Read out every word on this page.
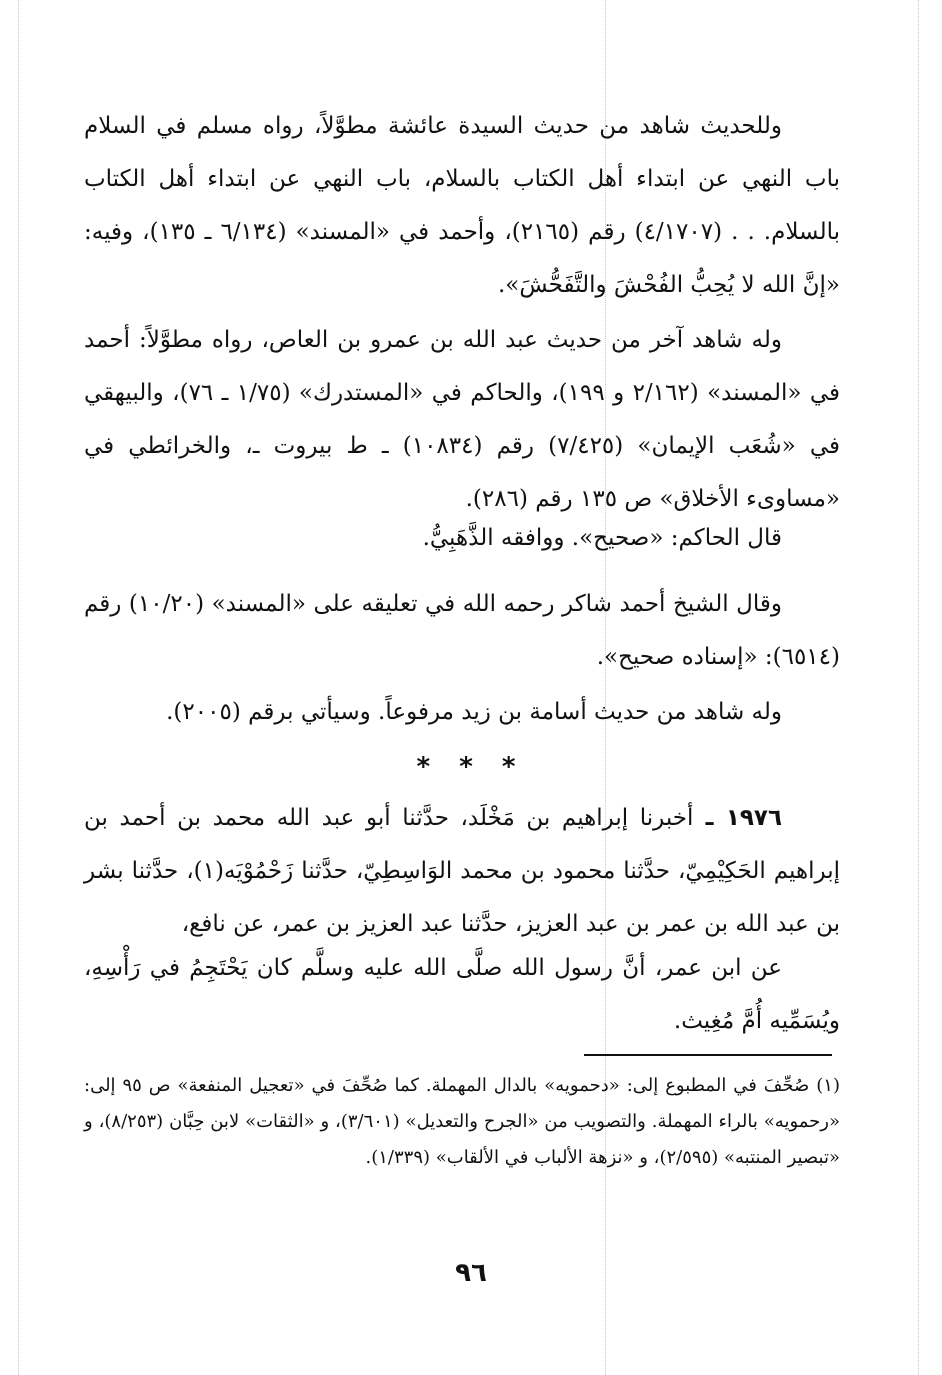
وللحديث شاهد من حديث السيدة عائشة مطوَّلاً، رواه مسلم في السلام باب النهي عن ابتداء أهل الكتاب بالسلام، باب النهي عن ابتداء أهل الكتاب بالسلام. . . (٤/١٧٠٧) رقم (٢١٦٥)، وأحمد في «المسند» (٦/١٣٤ ـ ١٣٥)، وفيه: «إنَّ الله لا يُحِبُّ الفُحْشَ والتَّفَحُّشَ».

وله شاهد آخر من حديث عبد الله بن عمرو بن العاص، رواه مطوَّلاً: أحمد في «المسند» (٢/١٦٢ و ١٩٩)، والحاكم في «المستدرك» (١/٧٥ ـ ٧٦)، والبيهقي في «شُعَب الإيمان» (٧/٤٢٥) رقم (١٠٨٣٤) ـ ط بيروت ـ، والخرائطي في «مساوىء الأخلاق» ص ١٣٥ رقم (٢٨٦).

قال الحاكم: «صحيح». ووافقه الذَّهَبِيُّ.

وقال الشيخ أحمد شاكر رحمه الله في تعليقه على «المسند» (١٠/٢٠) رقم (٦٥١٤): «إسناده صحيح».

وله شاهد من حديث أسامة بن زيد مرفوعاً. وسيأتي برقم (٢٠٠٥).

* * *

١٩٧٦ ـ أخبرنا إبراهيم بن مَخْلَد، حدَّثنا أبو عبد الله محمد بن أحمد بن إبراهيم الحَكِيْمِيّ، حدَّثنا محمود بن محمد الوَاسِطِيّ، حدَّثنا زَحْمُوْيَه(١)، حدَّثنا بشر بن عبد الله بن عمر بن عبد العزيز، حدَّثنا عبد العزيز بن عمر، عن نافع،

عن ابن عمر، أنَّ رسول الله صلَّى الله عليه وسلَّم كان يَحْتَجِمُ في رَأْسِهِ، ويُسَمِّيه أُمَّ مُغِيث.

(١) صُحِّفَ في المطبوع إلى: «دحمويه» بالدال المهملة. كما صُحِّفَ في «تعجيل المنفعة» ص ٩٥ إلى: «رحمويه» بالراء المهملة. والتصويب من «الجرح والتعديل» (٣/٦٠١)، و «الثقات» لابن حِبَّان (٨/٢٥٣)، و «تبصير المنتبه» (٢/٥٩٥)، و «نزهة الألباب في الألقاب» (١/٣٣٩).

٩٦
